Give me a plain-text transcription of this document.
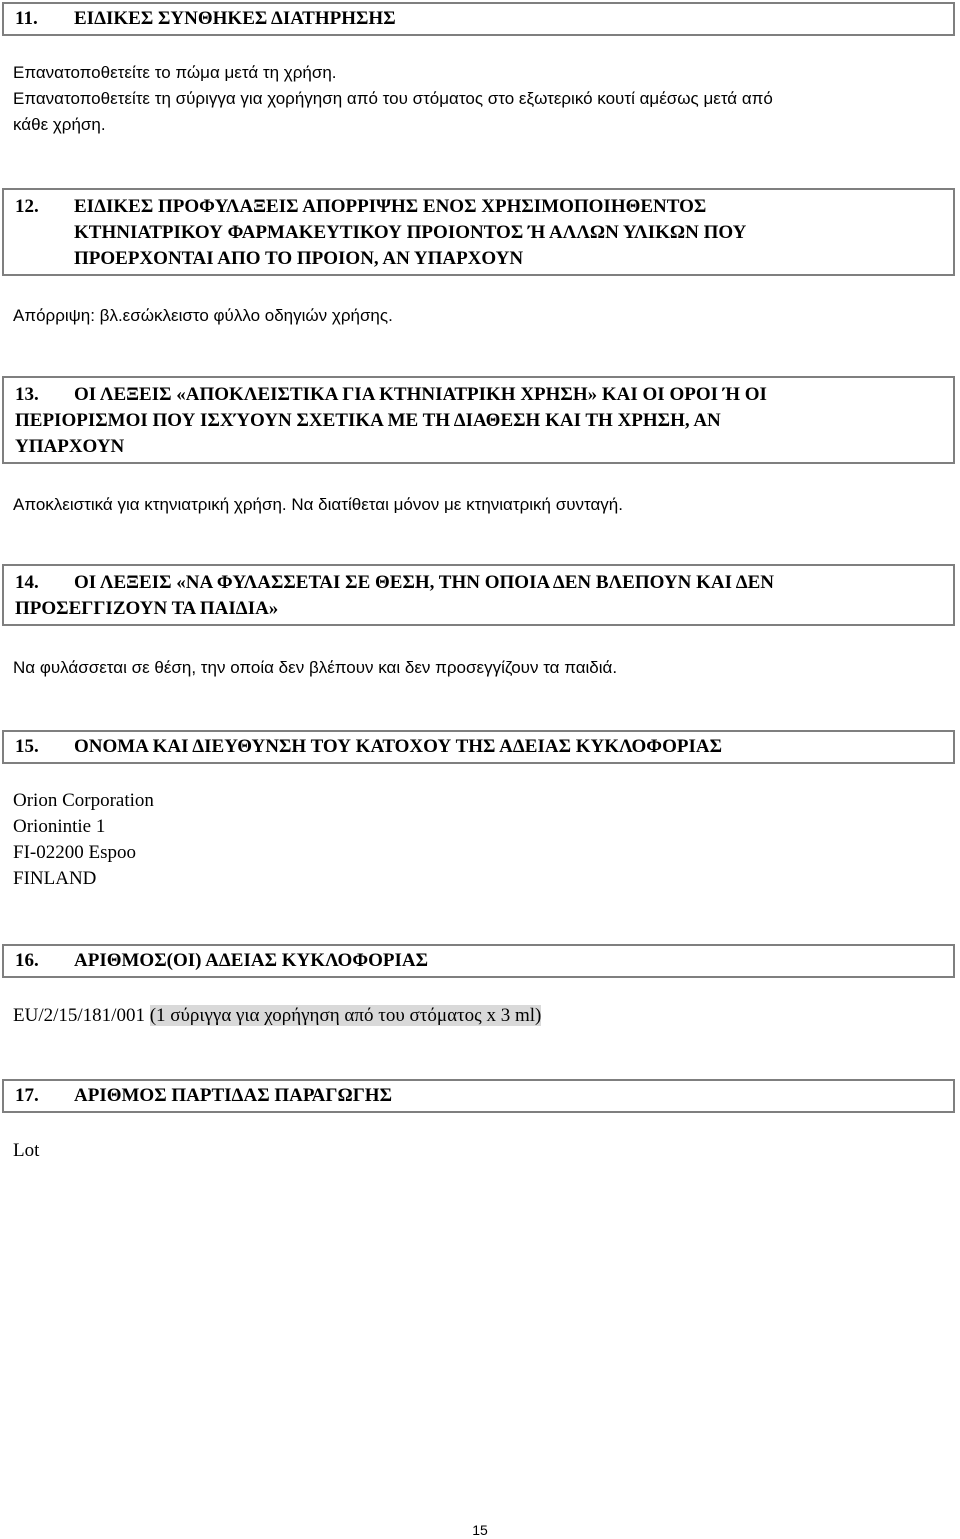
11. ΕΙΔΙΚΕΣ ΣΥΝΘΗΚΕΣ ΔΙΑΤΗΡΗΣΗΣ
Επανατοποθετείτε το πώμα μετά τη χρήση.
Επανατοποθετείτε τη σύριγγα για χορήγηση από του στόματος στο εξωτερικό κουτί αμέσως μετά από
κάθε χρήση.
12. ΕΙΔΙΚΕΣ ΠΡΟΦΥΛΑΞΕΙΣ ΑΠΟΡΡΙΨΗΣ ΕΝΟΣ ΧΡΗΣΙΜΟΠΟΙΗΘΕΝΤΟΣ
ΚΤΗΝΙΑΤΡΙΚΟΥ ΦΑΡΜΑΚΕΥΤΙΚΟΥ ΠΡΟΙΟΝΤΟΣ Ή ΑΛΛΩΝ ΥΛΙΚΩΝ ΠΟΥ
ΠΡΟΕΡΧΟΝΤΑΙ ΑΠΟ ΤΟ ΠΡΟΙΟΝ, ΑΝ ΥΠΑΡΧΟΥΝ
Απόρριψη: βλ.εσώκλειστο φύλλο οδηγιών χρήσης.
13.	ΟΙ ΛΕΞΕΙΣ «ΑΠΟΚΛΕΙΣΤΙΚΑ ΓΙΑ ΚΤΗΝΙΑΤΡΙΚΗ ΧΡΗΣΗ» ΚΑΙ ΟΙ ΟΡΟΙ Ή ΟΙ
ΠΕΡΙΟΡΙΣΜΟΙ ΠΟΥ ΙΣΧΎΟΥΝ ΣΧΕΤΙΚΑ ΜΕ ΤΗ ΔΙΑΘΕΣΗ ΚΑΙ ΤΗ ΧΡΗΣΗ, ΑΝ
ΥΠΑΡΧΟΥΝ
Αποκλειστικά για κτηνιατρική χρήση. Να διατίθεται μόνον με κτηνιατρική συνταγή.
14.	ΟΙ ΛΕΞΕΙΣ «ΝΑ ΦΥΛΑΣΣΕΤΑΙ ΣΕ ΘΕΣΗ, ΤΗΝ ΟΠΟΙΑ ΔΕΝ ΒΛΕΠΟΥΝ ΚΑΙ ΔΕΝ
ΠΡΟΣΕΓΓΙΖΟΥΝ ΤΑ ΠΑΙΔΙΑ»
Να φυλάσσεται σε θέση, την οποία δεν βλέπουν και δεν προσεγγίζουν τα παιδιά.
15. ΟΝΟΜΑ ΚΑΙ ΔΙΕΥΘΥΝΣΗ ΤΟΥ ΚΑΤΟΧΟΥ ΤΗΣ ΑΔΕΙΑΣ ΚΥΚΛΟΦΟΡΙΑΣ
Orion Corporation
Orionintie 1
FI-02200 Espoo
FINLAND
16. ΑΡΙΘΜΟΣ(ΟΙ) ΑΔΕΙΑΣ ΚΥΚΛΟΦΟΡΙΑΣ
EU/2/15/181/001 (1 σύριγγα για χορήγηση από του στόματος x 3 ml)
17. ΑΡΙΘΜΟΣ ΠΑΡΤΙΔΑΣ ΠΑΡΑΓΩΓΗΣ
Lot
15
